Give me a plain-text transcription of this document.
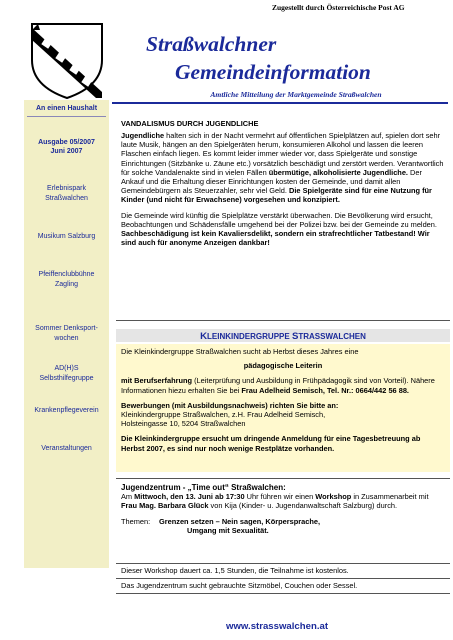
Zugestellt durch Österreichische Post AG
Straßwalchner
Gemeindeinformation
Amtliche Mitteilung der Marktgemeinde Straßwalchen
An einen Haushalt
Ausgabe 05/2007
Juni 2007
Erlebnispark
Straßwalchen
Musikum Salzburg
Pfeiffenclubbühne
Zagling
Sommer Denksport-
wochen
AD(H)S
Selbsthilfegruppe
Krankenpflegeverein
Veranstaltungen
VANDALISMUS DURCH JUGENDLICHE

Jugendliche halten sich in der Nacht vermehrt auf öffentlichen Spielplätzen auf, spielen dort sehr laute Musik, hängen an den Spielgeräten herum, konsumieren Alkohol und lassen die leeren Flaschen einfach liegen. Es kommt leider immer wieder vor, dass Spielgeräte und sonstige Einrichtungen (Sitzbänke u. Zäune etc.) vorsätzlich beschädigt und zerstört werden. Verantwortlich für solche Vandalenakte sind in vielen Fällen übermütige, alkoholisierte Jugendliche. Der Ankauf und die Erhaltung dieser Einrichtungen kosten der Gemeinde, und damit allen Gemeindebürgern als Steuerzahler, sehr viel Geld. Die Spielgeräte sind für eine Nutzung für Kinder (und nicht für Erwachsene) vorgesehen und konzipiert.

Die Gemeinde wird künftig die Spielplätze verstärkt überwachen. Die Bevölkerung wird ersucht, Beobachtungen und Schädensfälle umgehend bei der Polizei bzw. bei der Gemeinde zu melden. Sachbeschädigung ist kein Kavaliersdelikt, sondern ein strafrechtlicher Tatbestand! Wir sind auch für anonyme Anzeigen dankbar!

KLEINKINDERGRUPPE STRASSWALCHEN

Die Kleinkindergruppe Straßwalchen sucht ab Herbst dieses Jahres eine

pädagogische Leiterin

mit Berufserfahrung (Leiterprüfung und Ausbildung in Frühpädagogik sind von Vorteil). Nähere Informationen hiezu erhalten Sie bei Frau Adelheid Semisch, Tel. Nr.: 0664/442 56 88.

Bewerbungen (mit Ausbildungsnachweis) richten Sie bitte an:

Kleinkindergruppe Straßwalchen, z.H. Frau Adelheid Semisch,

Holsteingasse 10, 5204 Straßwalchen

Die Kleinkindergruppe ersucht um dringende Anmeldung für eine Tagesbetreuung ab Herbst 2007, es sind nur noch wenige Restplätze vorhanden.

Jugendzentrum - „Time out“ Straßwalchen:

Am Mittwoch, den 13. Juni ab 17:30 Uhr führen wir einen Workshop in Zusammenarbeit mit Frau Mag. Barbara Glück von Kija (Kinder- u. Jugendanwaltschaft Salzburg) durch.

Themen:	Grenzen setzen – Nein sagen, Körpersprache,

Umgang mit Sexualität.

Dieser Workshop dauert ca. 1,5 Stunden, die Teilnahme ist kostenlos.

Das Jugendzentrum sucht gebrauchte Sitzmöbel, Couchen oder Sessel.

www.strasswalchen.at
